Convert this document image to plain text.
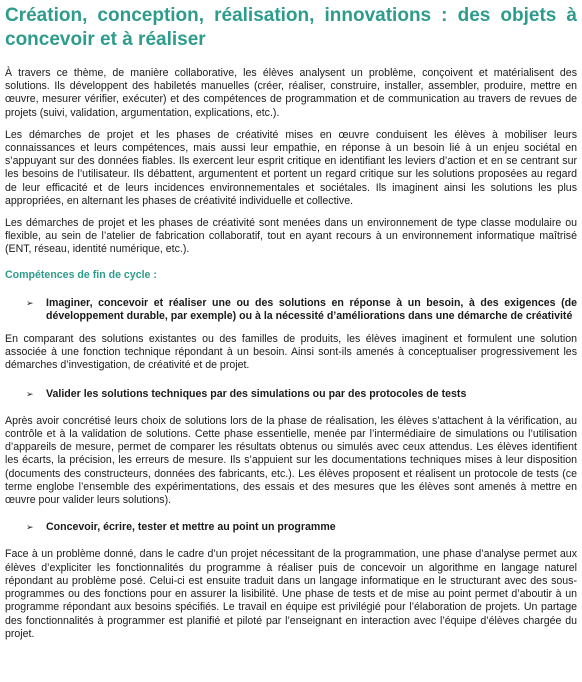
Création, conception, réalisation, innovations : des objets à concevoir et à réaliser

À travers ce thème, de manière collaborative, les élèves analysent un problème, conçoivent et matérialisent des solutions. Ils développent des habiletés manuelles (créer, réaliser, construire, installer, assembler, produire, mettre en œuvre, mesurer vérifier, exécuter) et des compétences de programmation et de communication au travers de revues de projets (suivi, validation, argumentation, explications, etc.).

Les démarches de projet et les phases de créativité mises en œuvre conduisent les élèves à mobiliser leurs connaissances et leurs compétences, mais aussi leur empathie, en réponse à un besoin lié à un enjeu sociétal en s’appuyant sur des données fiables. Ils exercent leur esprit critique en identifiant les leviers d’action et en se centrant sur les besoins de l’utilisateur. Ils débattent, argumentent et portent un regard critique sur les solutions proposées au regard de leur efficacité et de leurs incidences environnementales et sociétales. Ils imaginent ainsi les solutions les plus appropriées, en alternant les phases de créativité individuelle et collective.

Les démarches de projet et les phases de créativité sont menées dans un environnement de type classe modulaire ou flexible, au sein de l’atelier de fabrication collaboratif, tout en ayant recours à un environnement informatique maîtrisé (ENT, réseau, identité numérique, etc.).

Compétences de fin de cycle :

➢	Imaginer, concevoir et réaliser une ou des solutions en réponse à un besoin, à des exigences (de développement durable, par exemple) ou à la nécessité d’améliorations dans une démarche de créativité

En comparant des solutions existantes ou des familles de produits, les élèves imaginent et formulent une solution associée à une fonction technique répondant à un besoin. Ainsi sont-ils amenés à conceptualiser progressivement les démarches d’investigation, de créativité et de projet.

➢	Valider les solutions techniques par des simulations ou par des protocoles de tests

Après avoir concrétisé leurs choix de solutions lors de la phase de réalisation, les élèves s’attachent à la vérification, au contrôle et à la validation de solutions. Cette phase essentielle, menée par l’intermédiaire de simulations ou l’utilisation d’appareils de mesure, permet de comparer les résultats obtenus ou simulés avec ceux attendus. Les élèves identifient les écarts, la précision, les erreurs de mesure. Ils s’appuient sur les documentations techniques mises à leur disposition (documents des constructeurs, données des fabricants, etc.). Les élèves proposent et réalisent un protocole de tests (ce terme englobe l’ensemble des expérimentations, des essais et des mesures que les élèves sont amenés à mettre en œuvre pour valider leurs solutions).

➢	Concevoir, écrire, tester et mettre au point un programme

Face à un problème donné, dans le cadre d’un projet nécessitant de la programmation, une phase d’analyse permet aux élèves d’expliciter les fonctionnalités du programme à réaliser puis de concevoir un algorithme en langage naturel répondant au problème posé. Celui-ci est ensuite traduit dans un langage informatique en le structurant avec des sous-programmes ou des fonctions pour en assurer la lisibilité. Une phase de tests et de mise au point permet d’aboutir à un programme répondant aux besoins spécifiés. Le travail en équipe est privilégié pour l’élaboration de projets. Un partage des fonctionnalités à programmer est planifié et piloté par l’enseignant en interaction avec l’équipe d’élèves chargée du projet.
